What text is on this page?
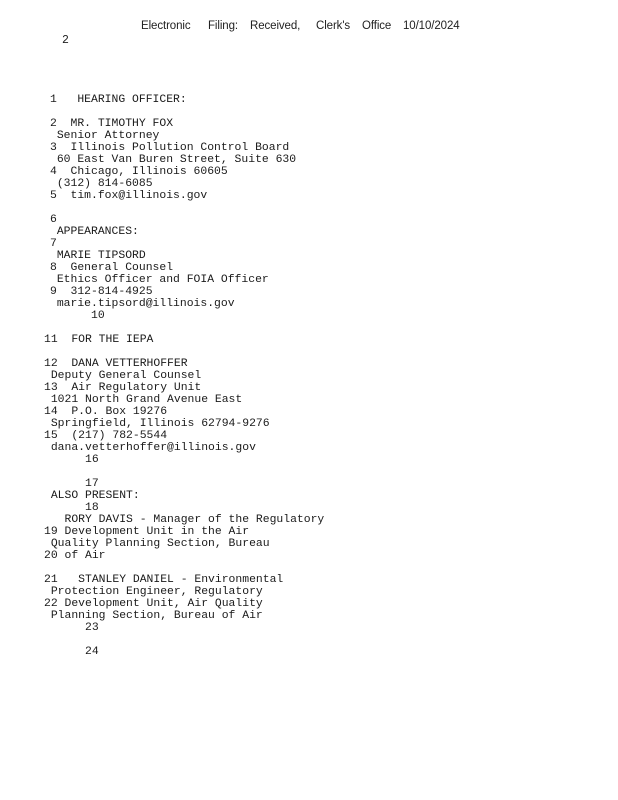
Electronic Filing: Received, Clerk's Office 10/10/2024
2
1   HEARING OFFICER:
2  MR. TIMOTHY FOX
Senior Attorney
3  Illinois Pollution Control Board
60 East Van Buren Street, Suite 630
4  Chicago, Illinois 60605
(312) 814-6085
5  tim.fox@illinois.gov
6
APPEARANCES:
7
MARIE TIPSORD
8  General Counsel
Ethics Officer and FOIA Officer
9  312-814-4925
marie.tipsord@illinois.gov
10
11  FOR THE IEPA
12  DANA VETTERHOFFER
Deputy General Counsel
13  Air Regulatory Unit
1021 North Grand Avenue East
14  P.O. Box 19276
Springfield, Illinois 62794-9276
15  (217) 782-5544
dana.vetterhoffer@illinois.gov
16
17
ALSO PRESENT:
18
RORY DAVIS - Manager of the Regulatory
19 Development Unit in the Air
Quality Planning Section, Bureau
20 of Air
21   STANLEY DANIEL - Environmental
Protection Engineer, Regulatory
22 Development Unit, Air Quality
Planning Section, Bureau of Air
23
24
